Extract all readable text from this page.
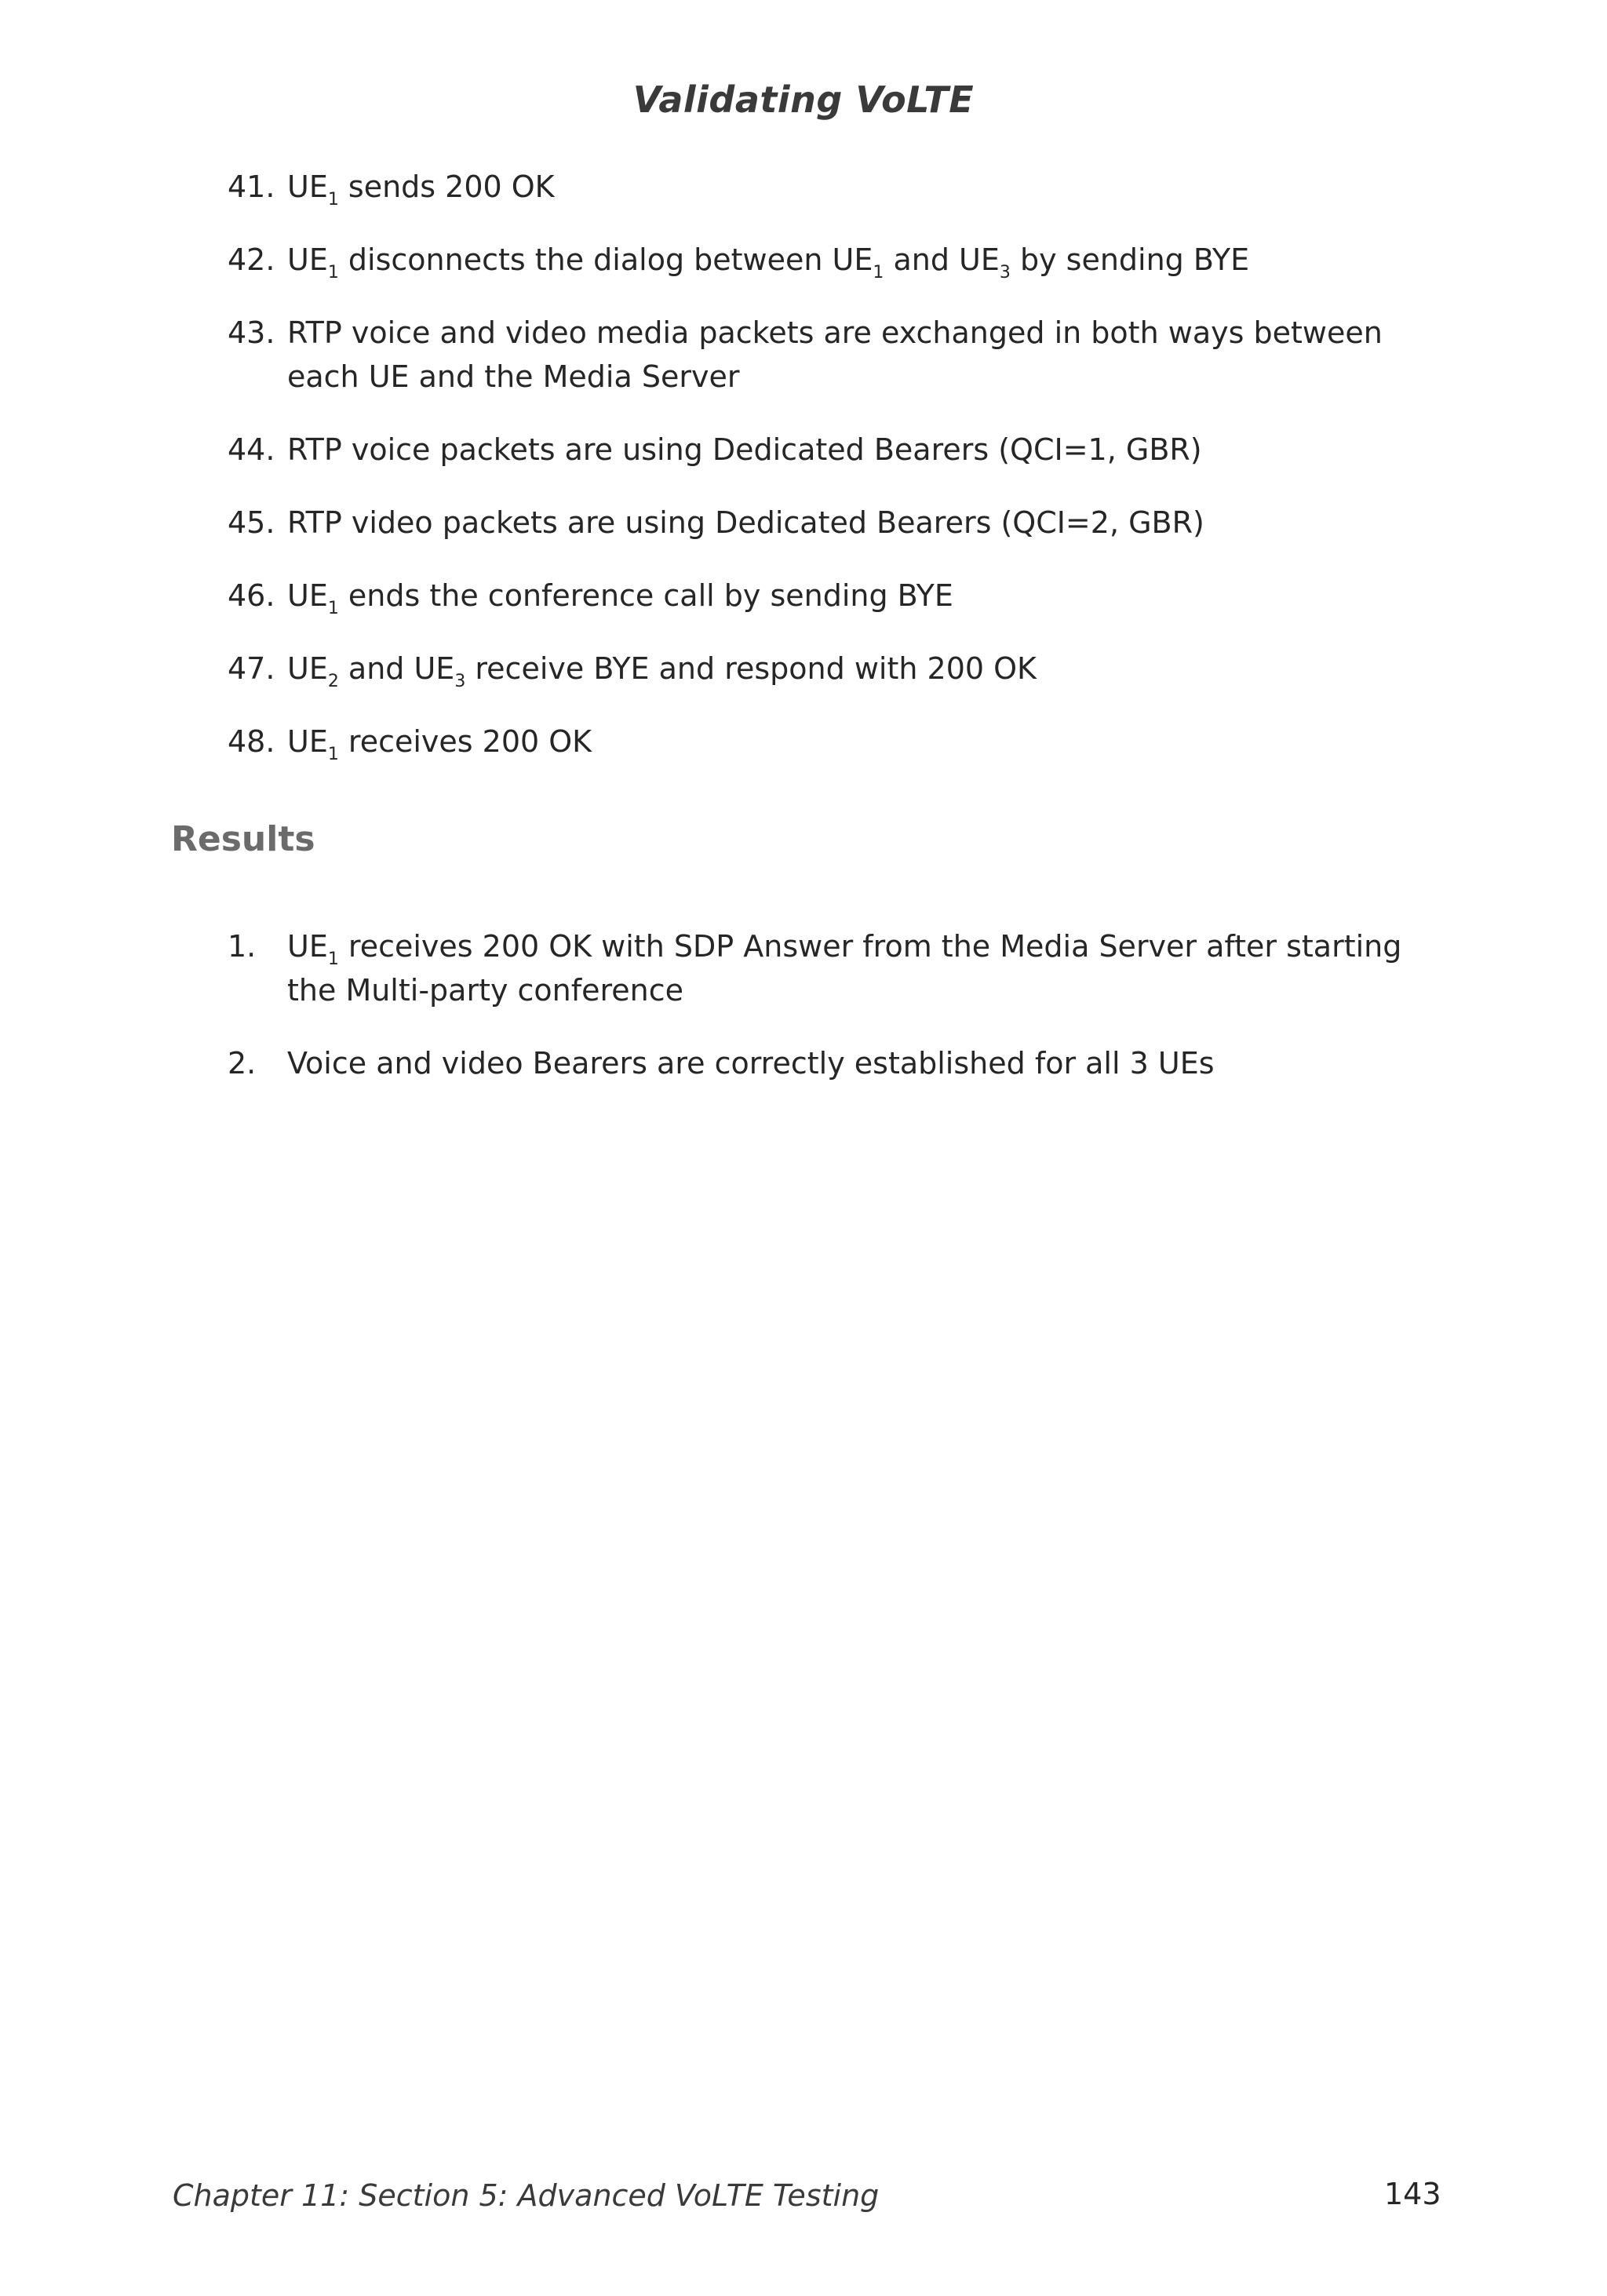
Validating VoLTE
41. $UE_1$ sends 200 OK
42. $UE_1$ disconnects the dialog between $UE_1$ and $UE_3$ by sending BYE
43. RTP voice and video media packets are exchanged in both ways between each UE and the Media Server
44. RTP voice packets are using Dedicated Bearers (QCI=1, GBR)
45. RTP video packets are using Dedicated Bearers (QCI=2, GBR)
46. $UE_1$ ends the conference call by sending BYE
47. $UE_2$ and $UE_3$ receive BYE and respond with 200 OK
48. $UE_1$ receives 200 OK
Results
1.	$UE_1$ receives 200 OK with SDP Answer from the Media Server after starting the Multi-party conference
2.	Voice and video Bearers are correctly established for all 3 UEs
Chapter 11: Section 5: Advanced VoLTE Testing	143
